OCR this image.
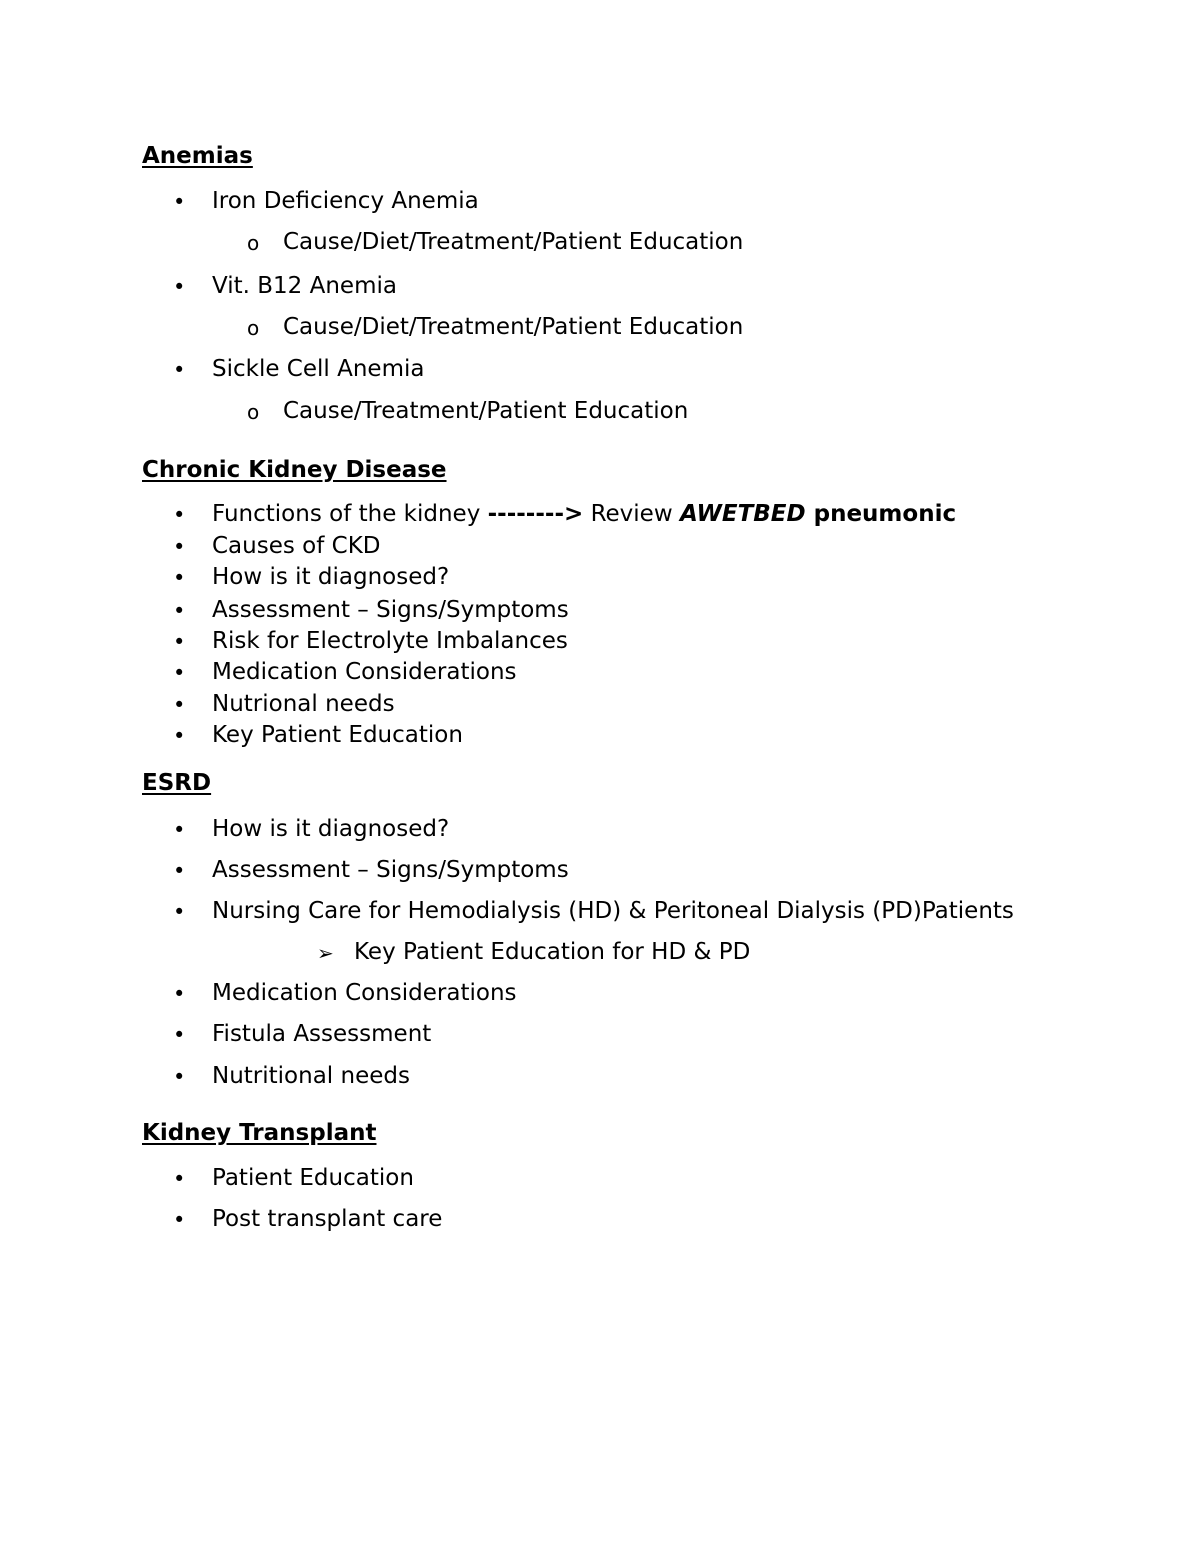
Anemias
• Iron Deficiency Anemia
o Cause/Diet/Treatment/Patient Education
• Vit. B12 Anemia
o Cause/Diet/Treatment/Patient Education
• Sickle Cell Anemia
o Cause/Treatment/Patient Education
Chronic Kidney Disease
• Functions of the kidney --------> Review AWETBED pneumonic
• Causes of CKD
• How is it diagnosed?
• Assessment – Signs/Symptoms
• Risk for Electrolyte Imbalances
• Medication Considerations
• Nutrional needs
• Key Patient Education
ESRD
• How is it diagnosed?
• Assessment – Signs/Symptoms
• Nursing Care for Hemodialysis (HD) & Peritoneal Dialysis (PD)Patients
➢ Key Patient Education for HD & PD
• Medication Considerations
• Fistula Assessment
• Nutritional needs
Kidney Transplant
• Patient Education
• Post transplant care
